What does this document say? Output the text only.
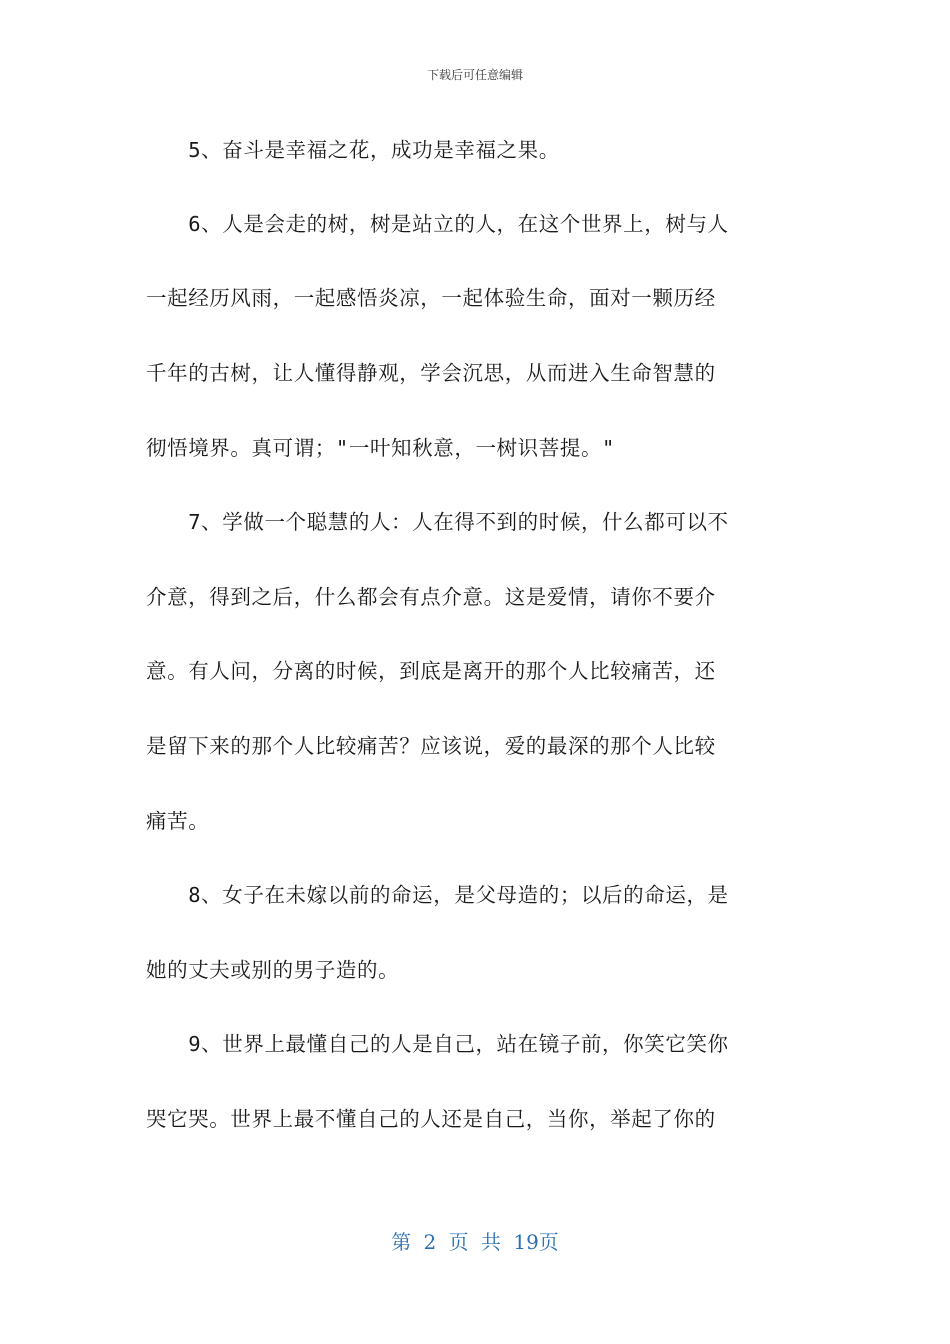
下载后可任意编辑
　　5、奋斗是幸福之花，成功是幸福之果。
　　6、人是会走的树，树是站立的人，在这个世界上，树与人
一起经历风雨，一起感悟炎凉，一起体验生命，面对一颗历经
千年的古树，让人懂得静观，学会沉思，从而进入生命智慧的
彻悟境界。真可谓；"一叶知秋意，一树识菩提。"
　　7、学做一个聪慧的人：人在得不到的时候，什么都可以不
介意，得到之后，什么都会有点介意。这是爱情，请你不要介
意。有人问，分离的时候，到底是离开的那个人比较痛苦，还
是留下来的那个人比较痛苦？应该说，爱的最深的那个人比较
痛苦。
　　8、女子在未嫁以前的命运，是父母造的；以后的命运，是
她的丈夫或别的男子造的。
　　9、世界上最懂自己的人是自己，站在镜子前，你笑它笑你
哭它哭。世界上最不懂自己的人还是自己，当你，举起了你的
第 2 页 共 19页
